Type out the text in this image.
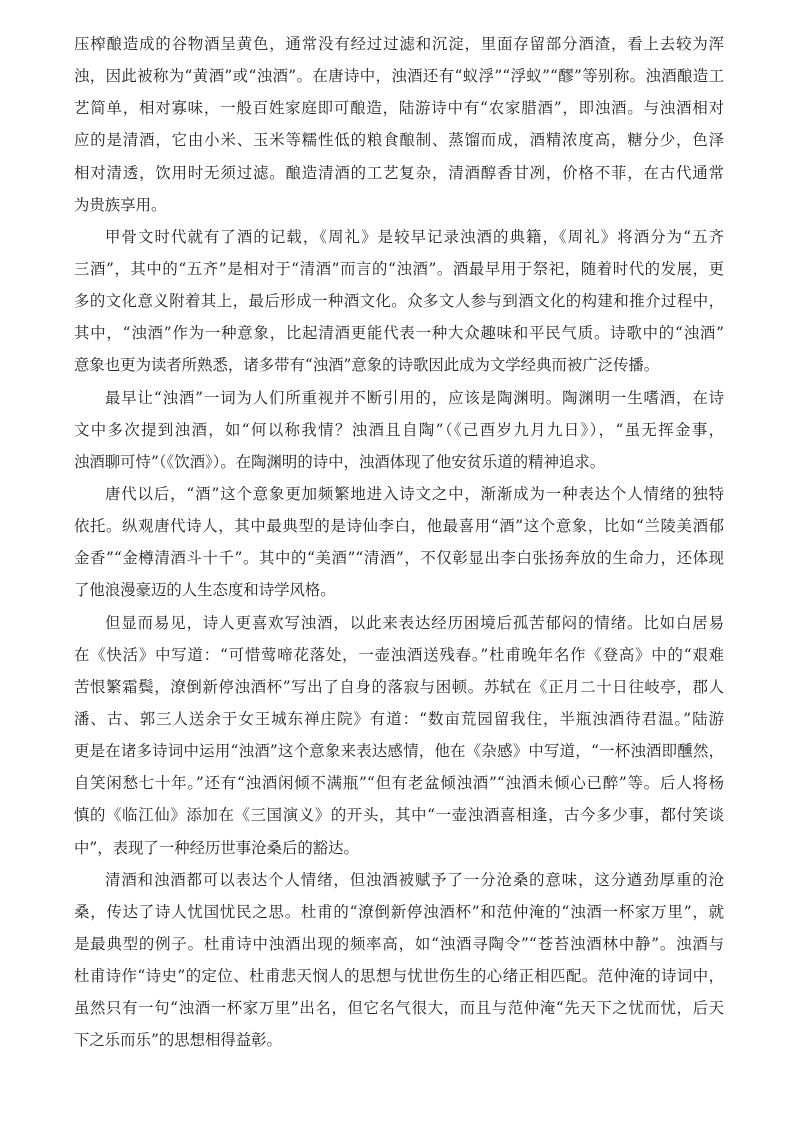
压榨酿造成的谷物酒呈黄色，通常没有经过过滤和沉淀，里面存留部分酒渣，看上去较为浑
浊，因此被称为“黄酒”或“浊酒”。在唐诗中，浊酒还有“蚁浮”“浮蚁”“醪”等别称。浊酒酿造工
艺简单，相对寡味，一般百姓家庭即可酿造，陆游诗中有“农家腊酒”，即浊酒。与浊酒相对
应的是清酒，它由小米、玉米等糯性低的粮食酿制、蒸馏而成，酒精浓度高，糖分少，色泽
相对清透，饮用时无须过滤。酿造清酒的工艺复杂，清酒醇香甘冽，价格不菲，在古代通常
为贵族享用。
甲骨文时代就有了酒的记载，《周礼》是较早记录浊酒的典籍，《周礼》将酒分为“五齐
三酒”，其中的“五齐”是相对于“清酒”而言的“浊酒”。酒最早用于祭祀，随着时代的发展，更
多的文化意义附着其上，最后形成一种酒文化。众多文人参与到酒文化的构建和推介过程中，
其中，“浊酒”作为一种意象，比起清酒更能代表一种大众趣味和平民气质。诗歌中的“浊酒”
意象也更为读者所熟悉，诸多带有“浊酒”意象的诗歌因此成为文学经典而被广泛传播。
最早让“浊酒”一词为人们所重视并不断引用的，应该是陶渊明。陶渊明一生嗜酒，在诗
文中多次提到浊酒，如“何以称我情？浊酒且自陶”（《己酉岁九月九日》），“虽无挥金事，
浊酒聊可恃”（《饮酒》）。在陶渊明的诗中，浊酒体现了他安贫乐道的精神追求。
唐代以后，“酒”这个意象更加频繁地进入诗文之中，渐渐成为一种表达个人情绪的独特
依托。纵观唐代诗人，其中最典型的是诗仙李白，他最喜用“酒”这个意象，比如“兰陵美酒郁
金香”“金樽清酒斗十千”。其中的“美酒”“清酒”，不仅彰显出李白张扬奔放的生命力，还体现
了他浪漫豪迈的人生态度和诗学风格。
但显而易见，诗人更喜欢写浊酒，以此来表达经历困境后孤苦郁闷的情绪。比如白居易
在《快活》中写道：“可惜莺啼花落处，一壶浊酒送残春。”杜甫晚年名作《登高》中的“艰难
苦恨繁霜鬓，潦倒新停浊酒杯”写出了自身的落寂与困顿。苏轼在《正月二十日往岐亭，郡人
潘、古、郭三人送余于女王城东禅庄院》有道：“数亩荒园留我住，半瓶浊酒待君温。”陆游
更是在诸多诗词中运用“浊酒”这个意象来表达感情，他在《杂感》中写道，“一杯浊酒即醺然，
自笑闲愁七十年。”还有“浊酒闲倾不满瓶”“但有老盆倾浊酒”“浊酒未倾心已醉”等。后人将杨
慎的《临江仙》添加在《三国演义》的开头，其中“一壶浊酒喜相逢，古今多少事，都付笑谈
中”，表现了一种经历世事沧桑后的豁达。
清酒和浊酒都可以表达个人情绪，但浊酒被赋予了一分沧桑的意味，这分遒劲厚重的沧
桑，传达了诗人忧国忧民之思。杜甫的“潦倒新停浊酒杯”和范仲淹的“浊酒一杯家万里”，就
是最典型的例子。杜甫诗中浊酒出现的频率高，如“浊酒寻陶令”“苍苔浊酒林中静”。浊酒与
杜甫诗作“诗史”的定位、杜甫悲天悯人的思想与忧世伤生的心绪正相匹配。范仲淹的诗词中，
虽然只有一句“浊酒一杯家万里”出名，但它名气很大，而且与范仲淹“先天下之忧而忧，后天
下之乐而乐”的思想相得益彰。
